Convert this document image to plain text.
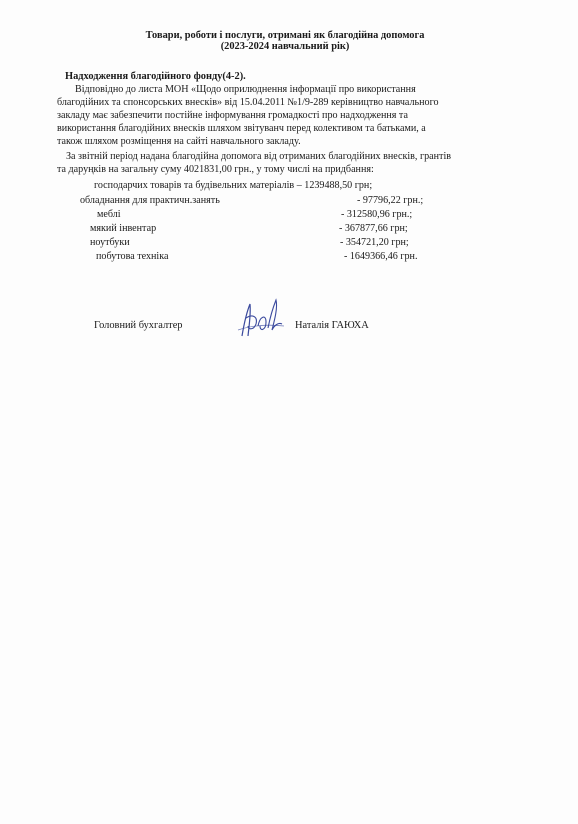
Товари, роботи і послуги, отримані як благодійна допомога
(2023-2024 навчальний рік)
Надходження благодійного фонду(4-2).
Відповідно до листа МОН «Щодо оприлюднення інформації про використання
благодійних та спонсорських внесків» від 15.04.2011 №1/9-289 керівництво навчального
закладу має забезпечити постійне інформування громадкості про надходження та
використання благодійних внесків шляхом звітуванч перед колективом та батьками, а
також шляхом розміщення на сайті навчального закладу.
За звітній період надана благодійна допомога від отриманих благодійних внесків, грантів
та даруңків на загальну суму 4021831,00 грн., у тому числі на придбання:
господарчих товарів та будівельних матеріалів – 1239488,50 грн;
обладнання для практичн.занять	- 97796,22 грн.;
меблі	- 312580,96 грн.;
мякий інвентар	- 367877,66 грн;
ноутбуки	- 354721,20 грн;
побутова техніка	- 1649366,46 грн.
Головний бухгалтер	Наталія ГАЮХА
